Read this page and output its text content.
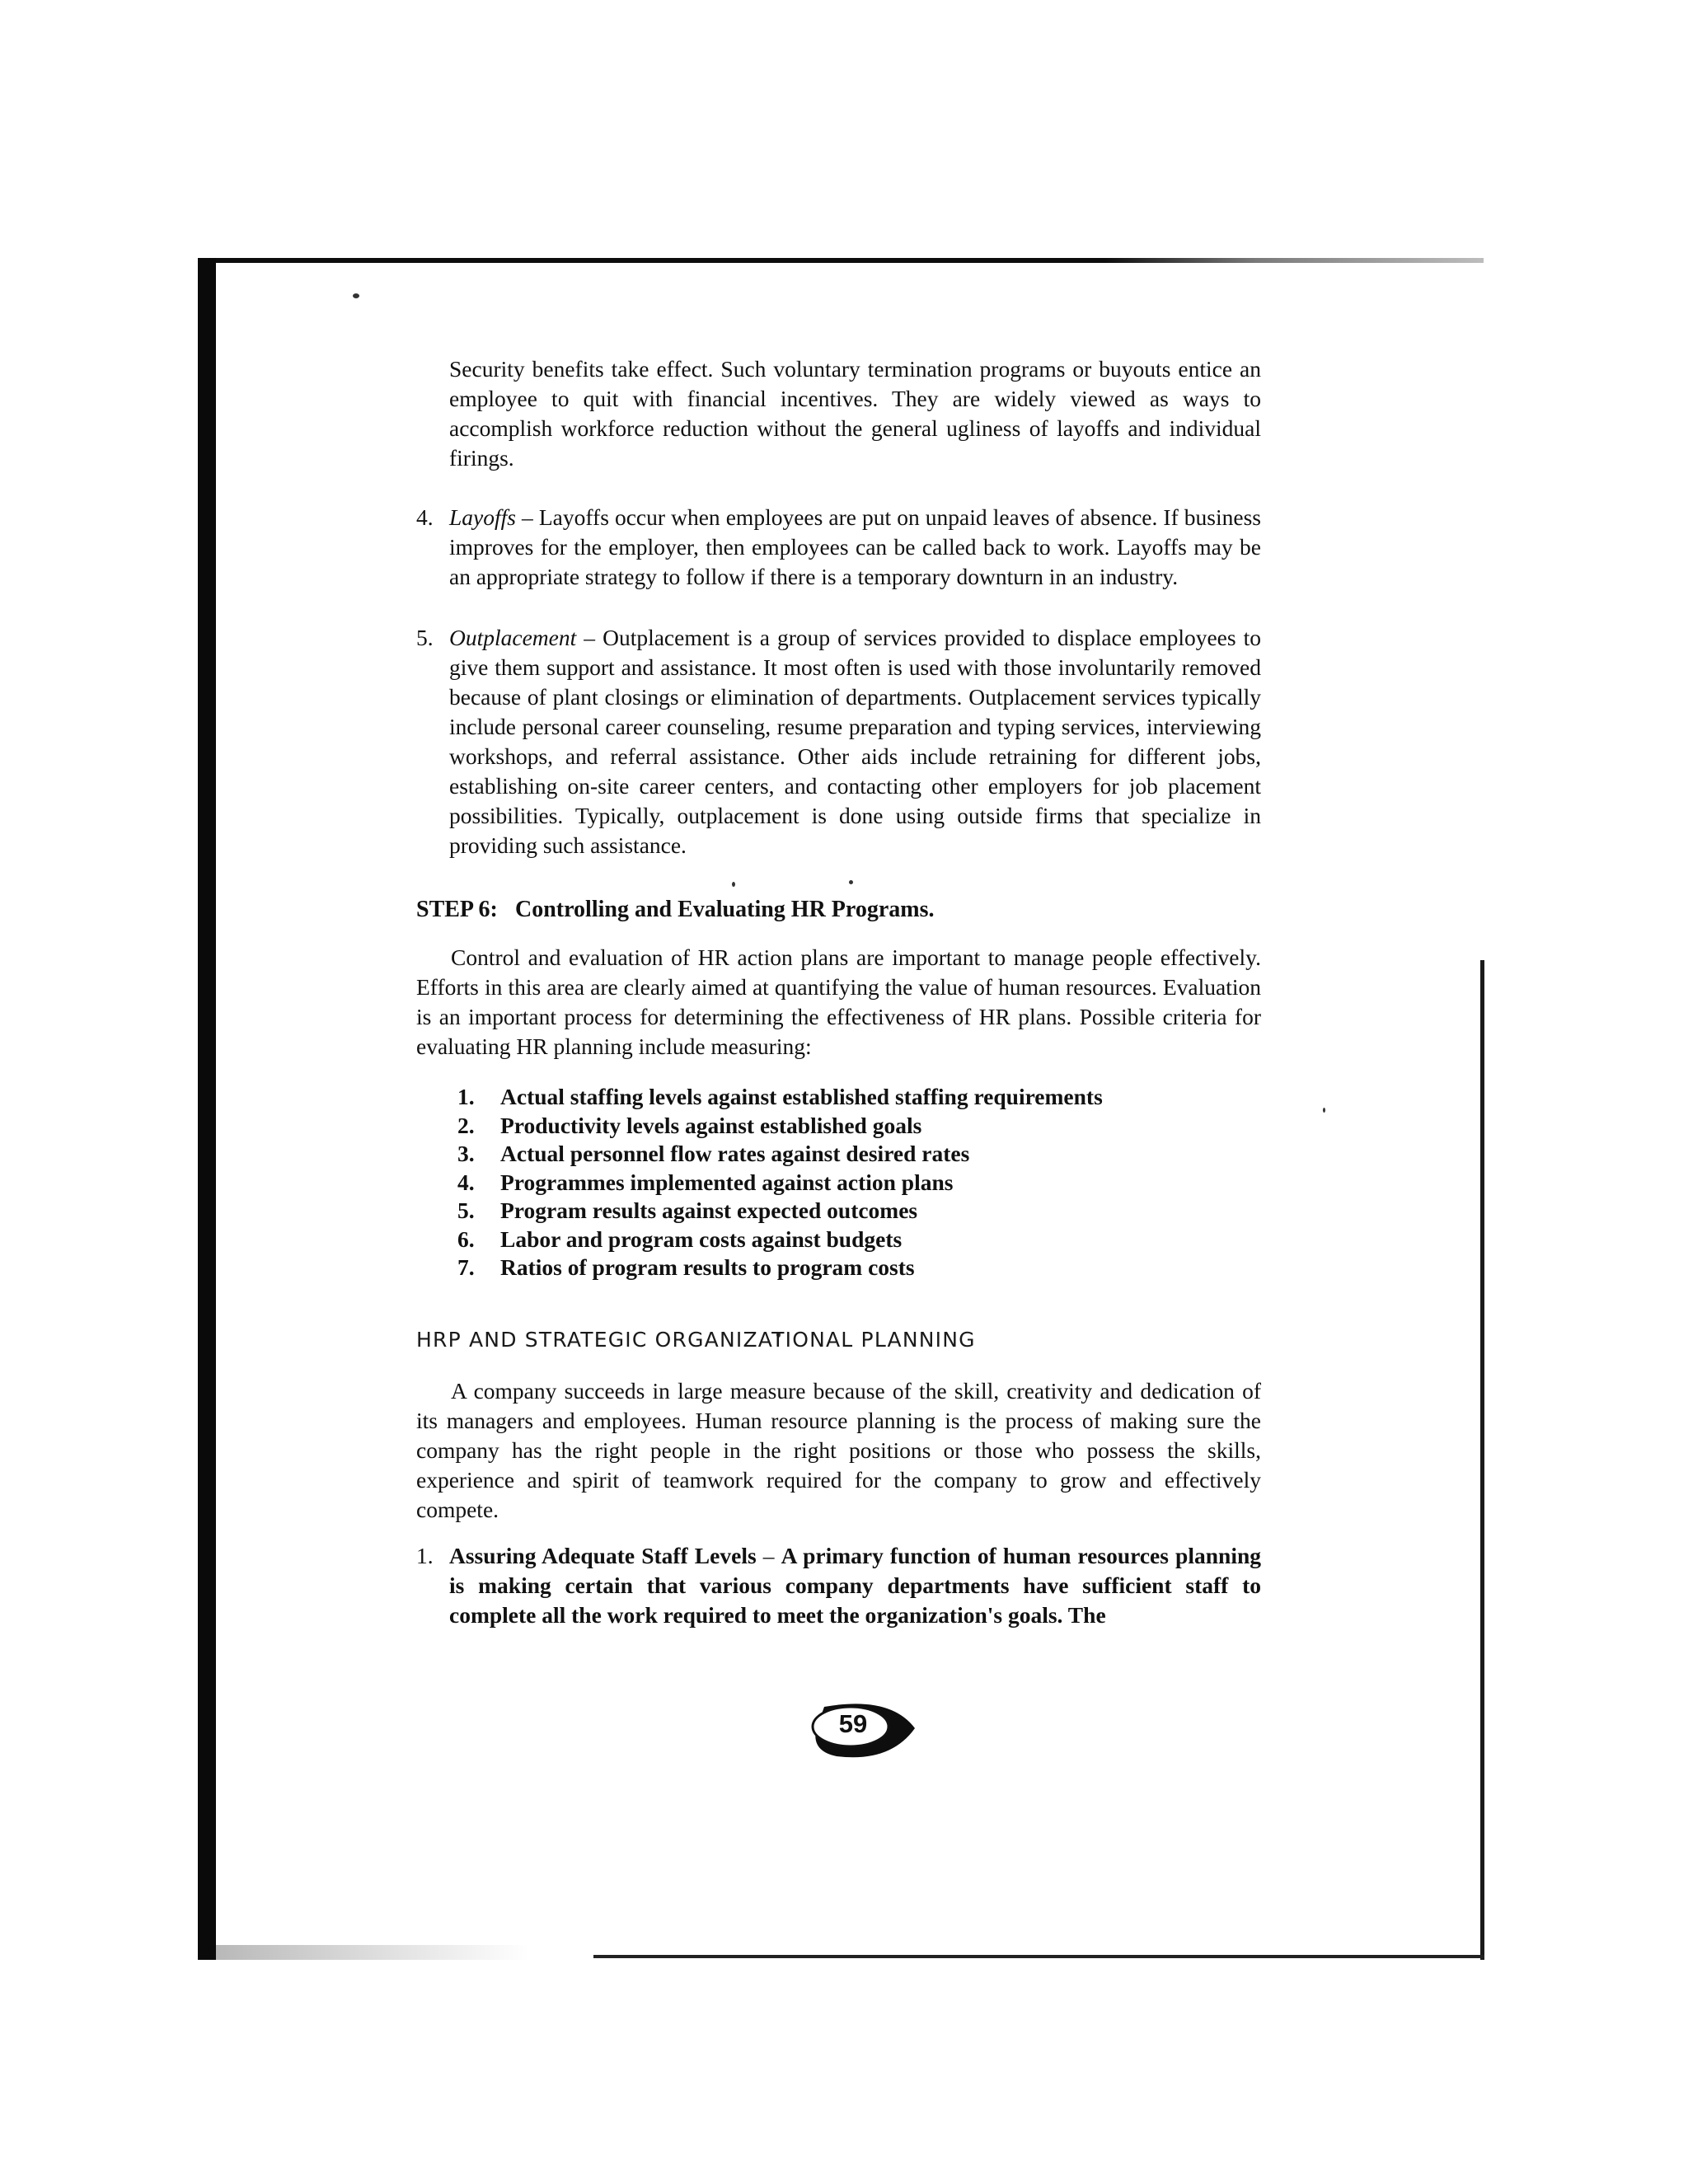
Security benefits take effect. Such voluntary termination programs or buyouts entice an employee to quit with financial incentives. They are widely viewed as ways to accomplish workforce reduction without the general ugliness of layoffs and individual firings.

4. Layoffs – Layoffs occur when employees are put on unpaid leaves of absence. If business improves for the employer, then employees can be called back to work. Layoffs may be an appropriate strategy to follow if there is a temporary downturn in an industry.
5. Outplacement – Outplacement is a group of services provided to displace employees to give them support and assistance. It most often is used with those involuntarily removed because of plant closings or elimination of departments. Outplacement services typically include personal career counseling, resume preparation and typing services, interviewing workshops, and referral assistance. Other aids include retraining for different jobs, establishing on-site career centers, and contacting other employers for job placement possibilities. Typically, outplacement is done using outside firms that specialize in providing such assistance.
STEP 6: Controlling and Evaluating HR Programs.

Control and evaluation of HR action plans are important to manage people effectively. Efforts in this area are clearly aimed at quantifying the value of human resources. Evaluation is an important process for determining the effectiveness of HR plans. Possible criteria for evaluating HR planning include measuring:

1. Actual staffing levels against established staffing requirements
2. Productivity levels against established goals
3. Actual personnel flow rates against desired rates
4. Programmes implemented against action plans
5. Program results against expected outcomes
6. Labor and program costs against budgets
7. Ratios of program results to program costs
HRP AND STRATEGIC ORGANIZATIONAL PLANNING

A company succeeds in large measure because of the skill, creativity and dedication of its managers and employees. Human resource planning is the process of making sure the company has the right people in the right positions or those who possess the skills, experience and spirit of teamwork required for the company to grow and effectively compete.

1. Assuring Adequate Staff Levels – A primary function of human resources planning is making certain that various company departments have sufficient staff to complete all the work required to meet the organization's goals. The
59
